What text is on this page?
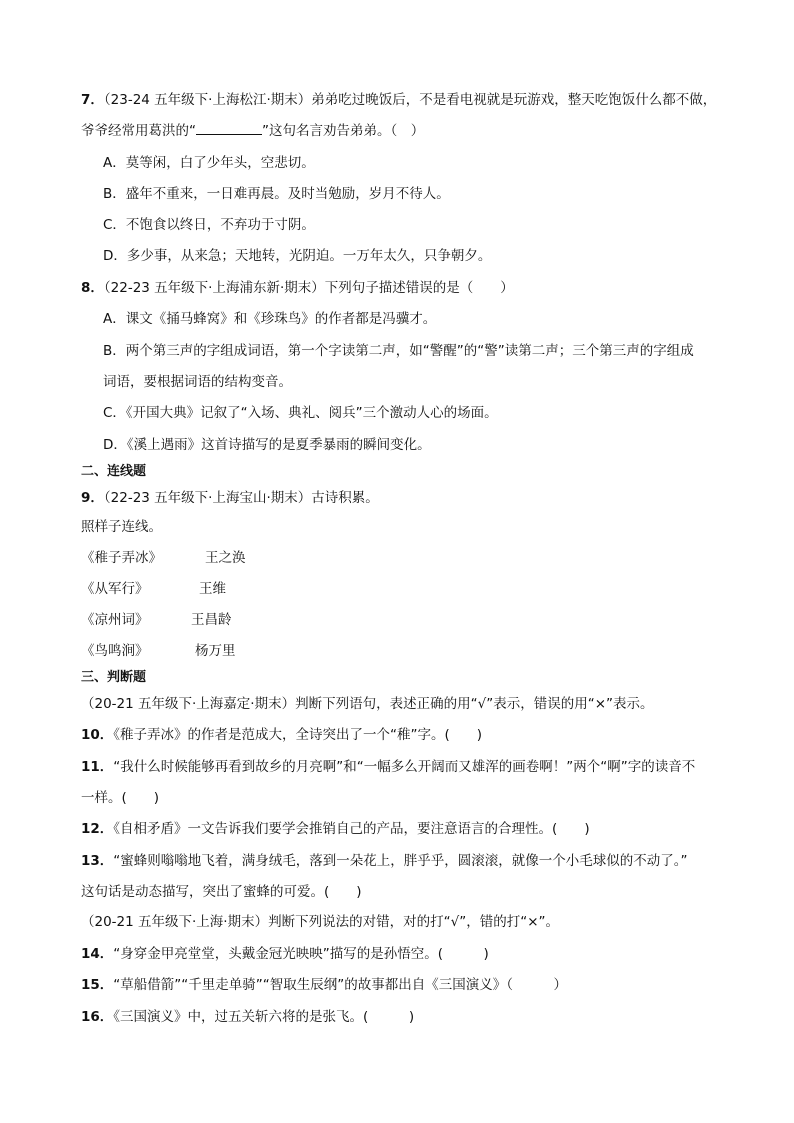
7．（23-24 五年级下·上海松江·期末）弟弟吃过晚饭后，不是看电视就是玩游戏，整天吃饱饭什么都不做，
爷爷经常用葛洪的“	”这句名言劝告弟弟。（　）
A．莫等闲，白了少年头，空悲切。
B．盛年不重来，一日难再晨。及时当勉励，岁月不待人。
C．不饱食以终日，不弃功于寸阴。
D．多少事，从来急；天地转，光阴迫。一万年太久，只争朝夕。
8．（22-23 五年级下·上海浦东新·期末）下列句子描述错误的是（　　）
A．课文《捅马蜂窝》和《珍珠鸟》的作者都是冯骥才。
B．两个第三声的字组成词语，第一个字读第二声，如“警醒”的“警”读第二声；三个第三声的字组成
词语，要根据词语的结构变音。
C．《开国大典》记叙了“入场、典礼、阅兵”三个激动人心的场面。
D．《溪上遇雨》这首诗描写的是夏季暴雨的瞬间变化。
二、连线题
9．（22-23 五年级下·上海宝山·期末）古诗积累。
照样子连线。
《稚子弄冰》	王之涣
《从军行》	王维
《凉州词》	王昌龄
《鸟鸣涧》	杨万里
三、判断题
（20-21 五年级下·上海嘉定·期末）判断下列语句，表述正确的用“√”表示，错误的用“×”表示。
10．《稚子弄冰》的作者是范成大，全诗突出了一个“稚”字。(　　)
11．“我什么时候能够再看到故乡的月亮啊”和“一幅多么开阔而又雄浑的画卷啊！”两个“啊”字的读音不
一样。(　　)
12．《自相矛盾》一文告诉我们要学会推销自己的产品，要注意语言的合理性。(　　)
13．“蜜蜂则嗡嗡地飞着，满身绒毛，落到一朵花上，胖乎乎，圆滚滚，就像一个小毛球似的不动了。”
这句话是动态描写，突出了蜜蜂的可爱。(　　)
（20-21 五年级下·上海·期末）判断下列说法的对错，对的打“√”，错的打“×”。
14．“身穿金甲亮堂堂，头戴金冠光映映”描写的是孙悟空。(　　　)
15．“草船借箭”“千里走单骑”“智取生辰纲”的故事都出自《三国演义》（　　　）
16．《三国演义》中，过五关斩六将的是张飞。(　　　)
